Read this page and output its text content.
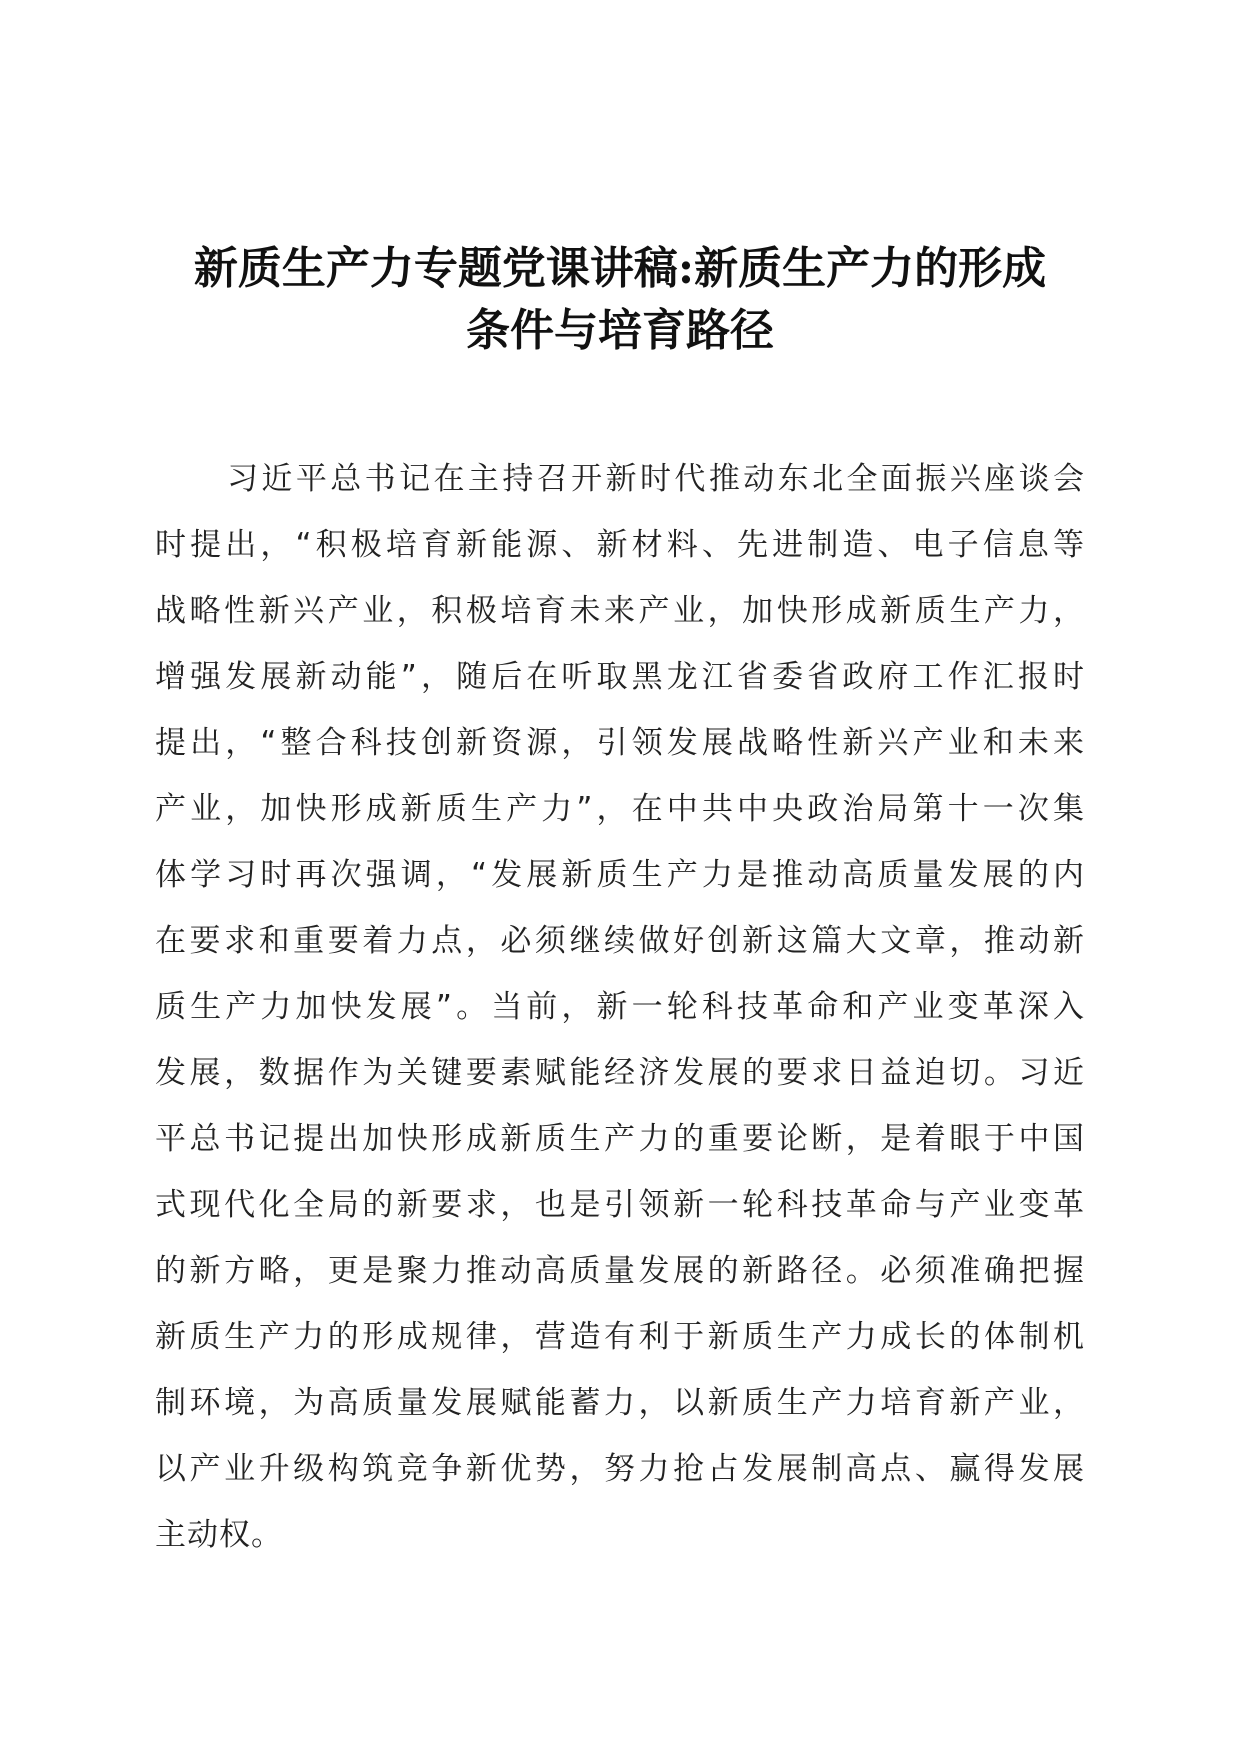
新质生产力专题党课讲稿:新质生产力的形成
条件与培育路径
习近平总书记在主持召开新时代推动东北全面振兴座谈会
时提出，“积极培育新能源、新材料、先进制造、电子信息等
战略性新兴产业，积极培育未来产业，加快形成新质生产力，
增强发展新动能”，随后在听取黑龙江省委省政府工作汇报时
提出，“整合科技创新资源，引领发展战略性新兴产业和未来
产业，加快形成新质生产力”，在中共中央政治局第十一次集
体学习时再次强调，“发展新质生产力是推动高质量发展的内
在要求和重要着力点，必须继续做好创新这篇大文章，推动新
质生产力加快发展”。当前，新一轮科技革命和产业变革深入
发展，数据作为关键要素赋能经济发展的要求日益迫切。习近
平总书记提出加快形成新质生产力的重要论断，是着眼于中国
式现代化全局的新要求，也是引领新一轮科技革命与产业变革
的新方略，更是聚力推动高质量发展的新路径。必须准确把握
新质生产力的形成规律，营造有利于新质生产力成长的体制机
制环境，为高质量发展赋能蓄力，以新质生产力培育新产业，
以产业升级构筑竞争新优势，努力抢占发展制高点、赢得发展
主动权。
